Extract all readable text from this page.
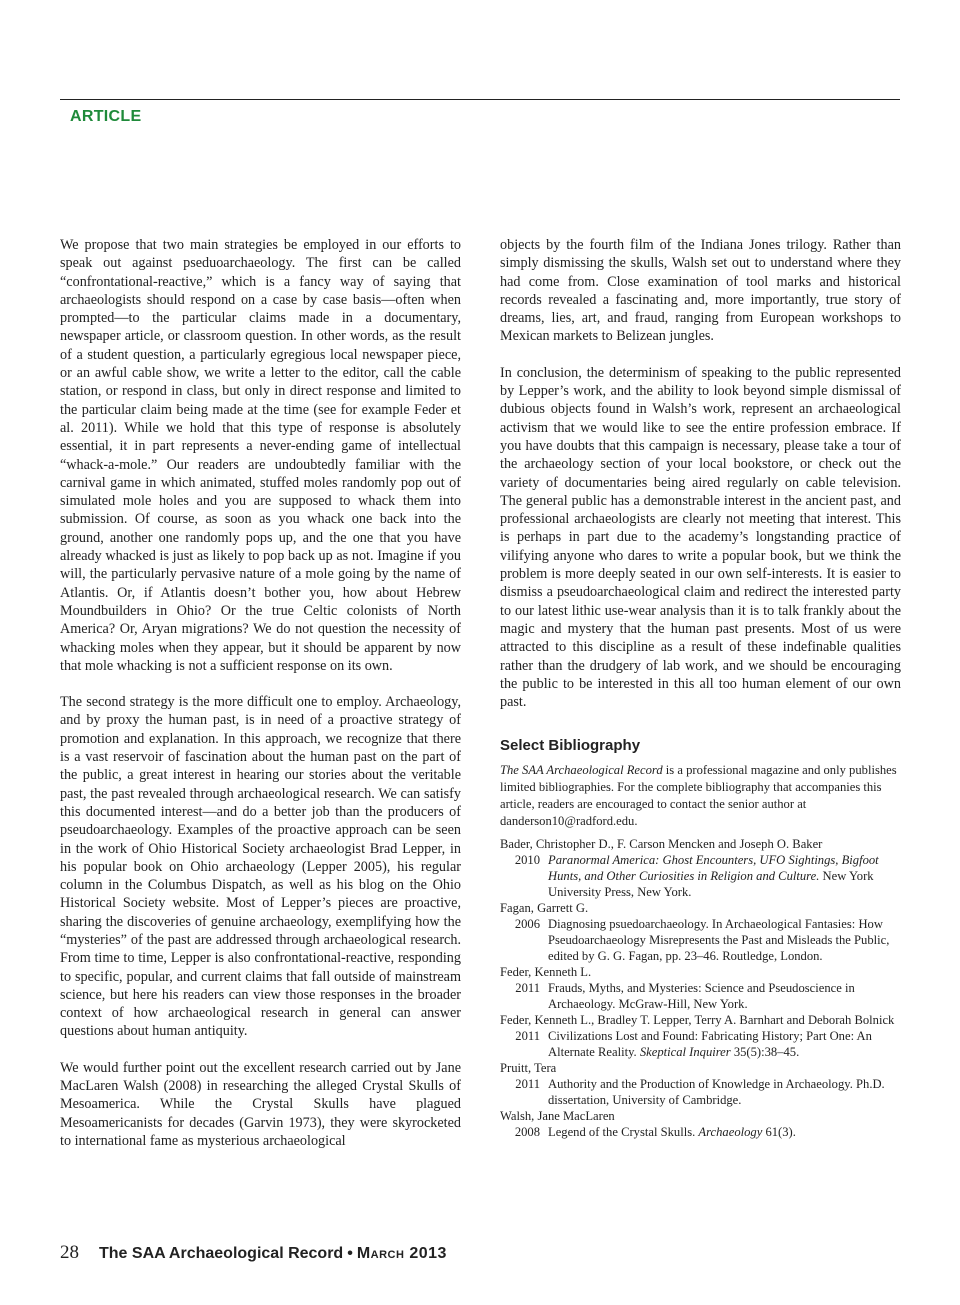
ARTICLE

We propose that two main strategies be employed in our efforts to speak out against pseduoarchaeology. The first can be called “confrontational-reactive,” which is a fancy way of saying that archaeologists should respond on a case by case basis—often when prompted—to the particular claims made in a documentary, newspaper article, or classroom question. In other words, as the result of a student question, a particularly egregious local newspaper piece, or an awful cable show, we write a letter to the editor, call the cable station, or respond in class, but only in direct response and limited to the particular claim being made at the time (see for example Feder et al. 2011). While we hold that this type of response is absolutely essential, it in part represents a never-ending game of intellectual “whack-a-mole.” Our readers are undoubtedly familiar with the carnival game in which animated, stuffed moles randomly pop out of simulated mole holes and you are supposed to whack them into submission. Of course, as soon as you whack one back into the ground, another one randomly pops up, and the one that you have already whacked is just as likely to pop back up as not. Imagine if you will, the particularly pervasive nature of a mole going by the name of Atlantis. Or, if Atlantis doesn’t bother you, how about Hebrew Moundbuilders in Ohio? Or the true Celtic colonists of North America? Or, Aryan migrations? We do not question the necessity of whacking moles when they appear, but it should be apparent by now that mole whacking is not a sufficient response on its own.

The second strategy is the more difficult one to employ. Archaeology, and by proxy the human past, is in need of a proactive strategy of promotion and explanation. In this approach, we recognize that there is a vast reservoir of fascination about the human past on the part of the public, a great interest in hearing our stories about the veritable past, the past revealed through archaeological research. We can satisfy this documented interest—and do a better job than the producers of pseudoarchaeology. Examples of the proactive approach can be seen in the work of Ohio Historical Society archaeologist Brad Lepper, in his popular book on Ohio archaeology (Lepper 2005), his regular column in the Columbus Dispatch, as well as his blog on the Ohio Historical Society website. Most of Lepper’s pieces are proactive, sharing the discoveries of genuine archaeology, exemplifying how the “mysteries” of the past are addressed through archaeological research. From time to time, Lepper is also confrontational-reactive, responding to specific, popular, and current claims that fall outside of mainstream science, but here his readers can view those responses in the broader context of how archaeological research in general can answer questions about human antiquity.

We would further point out the excellent research carried out by Jane MacLaren Walsh (2008) in researching the alleged Crystal Skulls of Mesoamerica. While the Crystal Skulls have plagued Mesoamericanists for decades (Garvin 1973), they were skyrocketed to international fame as mysterious archaeological

objects by the fourth film of the Indiana Jones trilogy. Rather than simply dismissing the skulls, Walsh set out to understand where they had come from. Close examination of tool marks and historical records revealed a fascinating and, more importantly, true story of dreams, lies, art, and fraud, ranging from European workshops to Mexican markets to Belizean jungles.

In conclusion, the determinism of speaking to the public represented by Lepper’s work, and the ability to look beyond simple dismissal of dubious objects found in Walsh’s work, represent an archaeological activism that we would like to see the entire profession embrace. If you have doubts that this campaign is necessary, please take a tour of the archaeology section of your local bookstore, or check out the variety of documentaries being aired regularly on cable television. The general public has a demonstrable interest in the ancient past, and professional archaeologists are clearly not meeting that interest. This is perhaps in part due to the academy’s longstanding practice of vilifying anyone who dares to write a popular book, but we think the problem is more deeply seated in our own self-interests. It is easier to dismiss a pseudoarchaeological claim and redirect the interested party to our latest lithic use-wear analysis than it is to talk frankly about the magic and mystery that the human past presents. Most of us were attracted to this discipline as a result of these indefinable qualities rather than the drudgery of lab work, and we should be encouraging the public to be interested in this all too human element of our own past.

Select Bibliography

The SAA Archaeological Record is a professional magazine and only publishes limited bibliographies. For the complete bibliography that accompanies this article, readers are encouraged to contact the senior author at danderson10@radford.edu.

Bader, Christopher D., F. Carson Mencken and Joseph O. Baker

2010 Paranormal America: Ghost Encounters, UFO Sightings, Bigfoot Hunts, and Other Curiosities in Religion and Culture. New York University Press, New York.

Fagan, Garrett G.

2006 Diagnosing psuedoarchaeology. In Archaeological Fantasies: How Pseudoarchaeology Misrepresents the Past and Misleads the Public, edited by G. G. Fagan, pp. 23–46. Routledge, London.

Feder, Kenneth L.

2011 Frauds, Myths, and Mysteries: Science and Pseudoscience in Archaeology. McGraw-Hill, New York.

Feder, Kenneth L., Bradley T. Lepper, Terry A. Barnhart and Deborah Bolnick

2011 Civilizations Lost and Found: Fabricating History; Part One: An Alternate Reality. Skeptical Inquirer 35(5):38–45.

Pruitt, Tera

2011 Authority and the Production of Knowledge in Archaeology. Ph.D. dissertation, University of Cambridge.

Walsh, Jane MacLaren

2008 Legend of the Crystal Skulls. Archaeology 61(3).
28 The SAA Archaeological Record • March 2013
